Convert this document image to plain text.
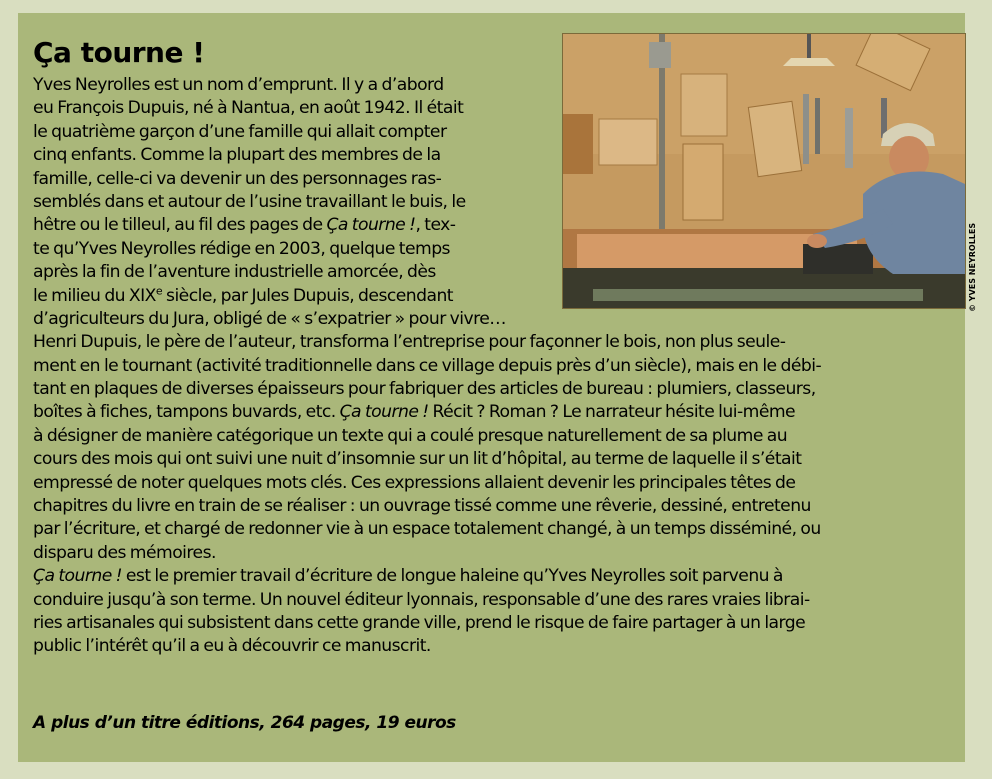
Ça tourne !
© YVES NEYROLLES
Yves Neyrolles est un nom d’emprunt. Il y a d’abord
eu François Dupuis, né à Nantua, en août 1942. Il était
le quatrième garçon d’une famille qui allait compter
cinq enfants. Comme la plupart des membres de la
famille, celle-ci va devenir un des personnages ras-
semblés dans et autour de l’usine travaillant le buis, le
hêtre ou le tilleul, au fil des pages de Ça tourne !, tex-
te qu’Yves Neyrolles rédige en 2003, quelque temps
après la fin de l’aventure industrielle amorcée, dès
le milieu du XIXe siècle, par Jules Dupuis, descendant
d’agriculteurs du Jura, obligé de « s’expatrier » pour vivre…
Henri Dupuis, le père de l’auteur, transforma l’entreprise pour façonner le bois, non plus seule-
ment en le tournant (activité traditionnelle dans ce village depuis près d’un siècle), mais en le débi-
tant en plaques de diverses épaisseurs pour fabriquer des articles de bureau : plumiers, classeurs,
boîtes à fiches, tampons buvards, etc. Ça tourne ! Récit ? Roman ? Le narrateur hésite lui-même
à désigner de manière catégorique un texte qui a coulé presque naturellement de sa plume au
cours des mois qui ont suivi une nuit d’insomnie sur un lit d’hôpital, au terme de laquelle il s’était
empressé de noter quelques mots clés. Ces expressions allaient devenir les principales têtes de
chapitres du livre en train de se réaliser : un ouvrage tissé comme une rêverie, dessiné, entretenu
par l’écriture, et chargé de redonner vie à un espace totalement changé, à un temps disséminé, ou
disparu des mémoires.
Ça tourne ! est le premier travail d’écriture de longue haleine qu’Yves Neyrolles soit parvenu à
conduire jusqu’à son terme. Un nouvel éditeur lyonnais, responsable d’une des rares vraies librai-
ries artisanales qui subsistent dans cette grande ville, prend le risque de faire partager à un large
public l’intérêt qu’il a eu à découvrir ce manuscrit.
A plus d’un titre éditions, 264 pages, 19 euros
